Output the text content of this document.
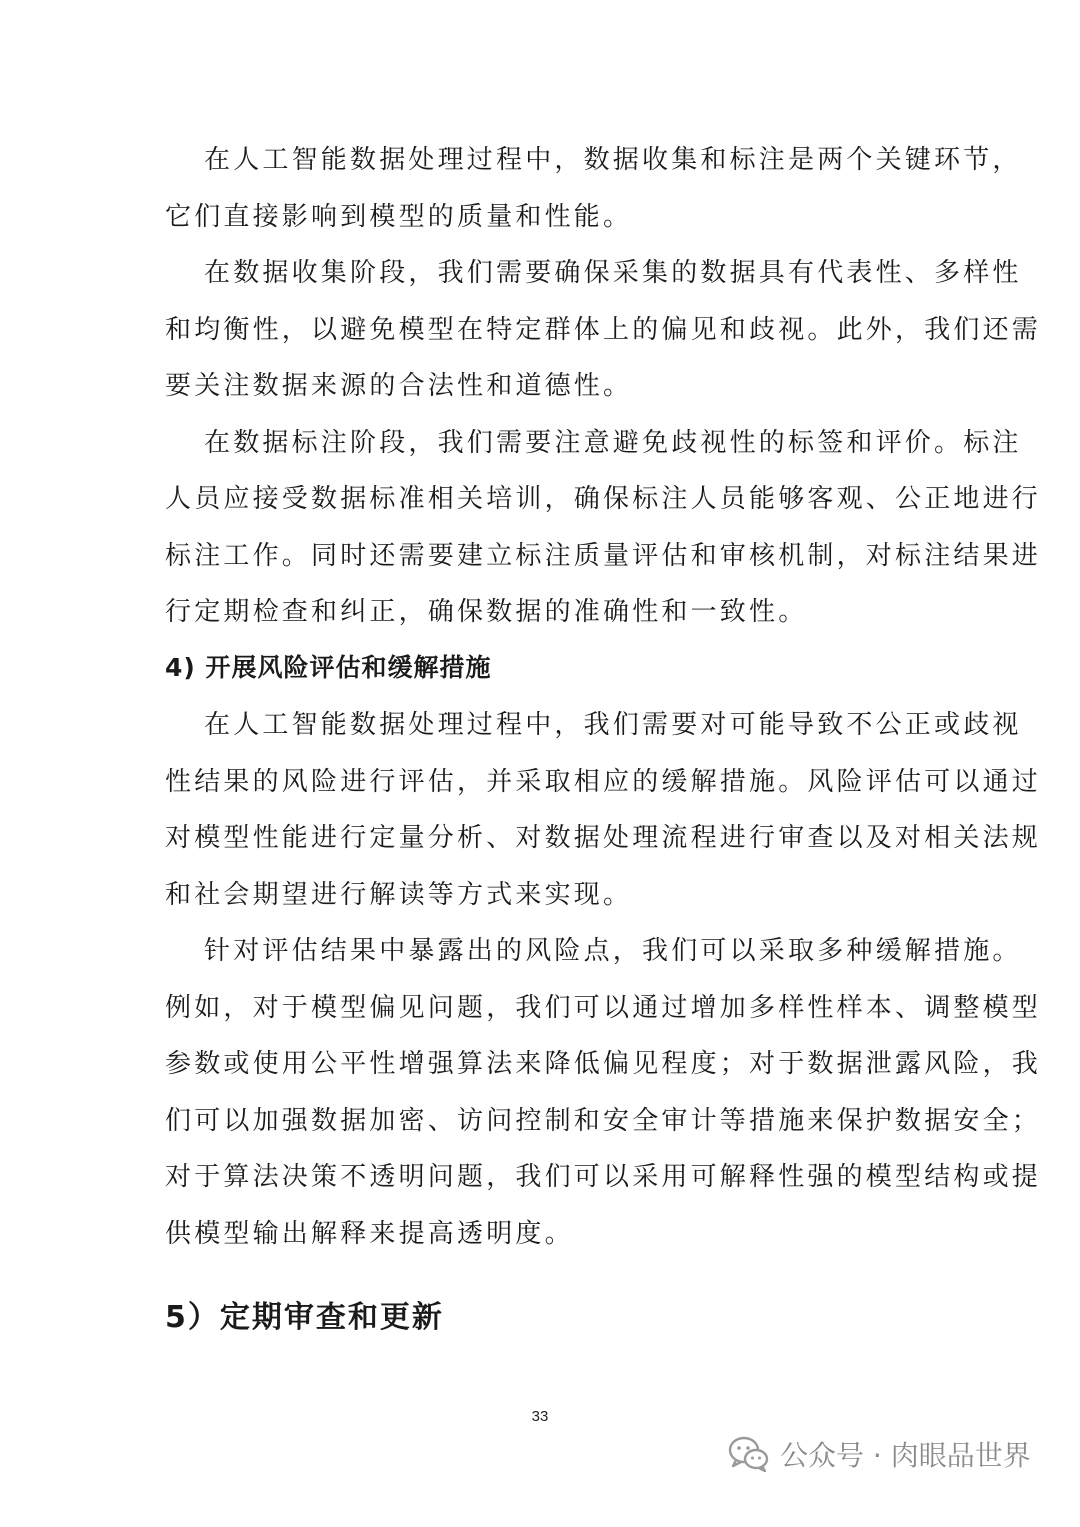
在人工智能数据处理过程中，数据收集和标注是两个关键环节，
它们直接影响到模型的质量和性能。
在数据收集阶段，我们需要确保采集的数据具有代表性、多样性
和均衡性，以避免模型在特定群体上的偏见和歧视。此外，我们还需
要关注数据来源的合法性和道德性。
在数据标注阶段，我们需要注意避免歧视性的标签和评价。标注
人员应接受数据标准相关培训，确保标注人员能够客观、公正地进行
标注工作。同时还需要建立标注质量评估和审核机制，对标注结果进
行定期检查和纠正，确保数据的准确性和一致性。
4) 开展风险评估和缓解措施
在人工智能数据处理过程中，我们需要对可能导致不公正或歧视
性结果的风险进行评估，并采取相应的缓解措施。风险评估可以通过
对模型性能进行定量分析、对数据处理流程进行审查以及对相关法规
和社会期望进行解读等方式来实现。
针对评估结果中暴露出的风险点，我们可以采取多种缓解措施。
例如，对于模型偏见问题，我们可以通过增加多样性样本、调整模型
参数或使用公平性增强算法来降低偏见程度；对于数据泄露风险，我
们可以加强数据加密、访问控制和安全审计等措施来保护数据安全；
对于算法决策不透明问题，我们可以采用可解释性强的模型结构或提
供模型输出解释来提高透明度。
5）定期审查和更新
33
公众号 · 肉眼品世界
